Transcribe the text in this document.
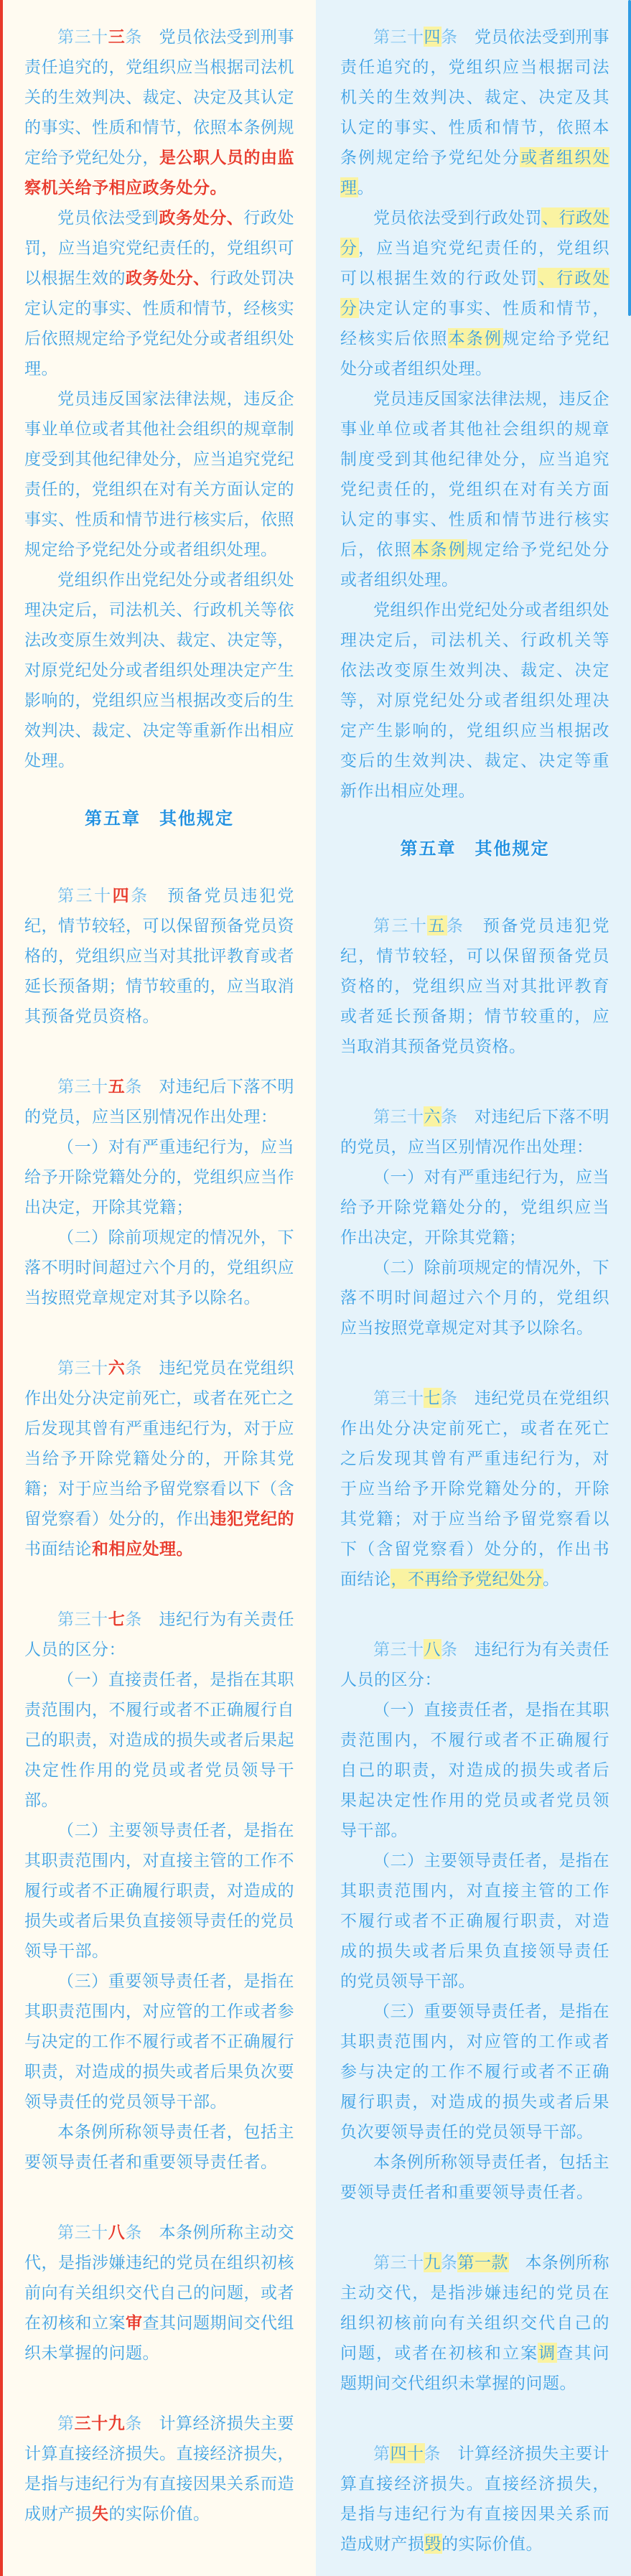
第三十三条　党员依法受到刑事责任追究的，党组织应当根据司法机关的生效判决、裁定、决定及其认定的事实、性质和情节，依照本条例规定给予党纪处分，是公职人员的由监察机关给予相应政务处分。

党员依法受到政务处分、行政处罚，应当追究党纪责任的，党组织可以根据生效的政务处分、行政处罚决定认定的事实、性质和情节，经核实后依照规定给予党纪处分或者组织处理。

党员违反国家法律法规，违反企事业单位或者其他社会组织的规章制度受到其他纪律处分，应当追究党纪责任的，党组织在对有关方面认定的事实、性质和情节进行核实后，依照规定给予党纪处分或者组织处理。

党组织作出党纪处分或者组织处理决定后，司法机关、行政机关等依法改变原生效判决、裁定、决定等，对原党纪处分或者组织处理决定产生影响的，党组织应当根据改变后的生效判决、裁定、决定等重新作出相应处理。

第五章　其他规定

第三十四条　预备党员违犯党纪，情节较轻，可以保留预备党员资格的，党组织应当对其批评教育或者延长预备期；情节较重的，应当取消其预备党员资格。

第三十五条　对违纪后下落不明的党员，应当区别情况作出处理：

（一）对有严重违纪行为，应当给予开除党籍处分的，党组织应当作出决定，开除其党籍；

（二）除前项规定的情况外，下落不明时间超过六个月的，党组织应当按照党章规定对其予以除名。

第三十六条　违纪党员在党组织作出处分决定前死亡，或者在死亡之后发现其曾有严重违纪行为，对于应当给予开除党籍处分的，开除其党籍；对于应当给予留党察看以下（含留党察看）处分的，作出违犯党纪的书面结论和相应处理。

第三十七条　违纪行为有关责任人员的区分：

（一）直接责任者，是指在其职责范围内，不履行或者不正确履行自己的职责，对造成的损失或者后果起决定性作用的党员或者党员领导干部。

（二）主要领导责任者，是指在其职责范围内，对直接主管的工作不履行或者不正确履行职责，对造成的损失或者后果负直接领导责任的党员领导干部。

（三）重要领导责任者，是指在其职责范围内，对应管的工作或者参与决定的工作不履行或者不正确履行职责，对造成的损失或者后果负次要领导责任的党员领导干部。

本条例所称领导责任者，包括主要领导责任者和重要领导责任者。

第三十八条　本条例所称主动交代，是指涉嫌违纪的党员在组织初核前向有关组织交代自己的问题，或者在初核和立案审查其问题期间交代组织未掌握的问题。

第三十九条　计算经济损失主要计算直接经济损失。直接经济损失，是指与违纪行为有直接因果关系而造成财产损失的实际价值。

第三十四条　党员依法受到刑事责任追究的，党组织应当根据司法机关的生效判决、裁定、决定及其认定的事实、性质和情节，依照本条例规定给予党纪处分或者组织处理。

党员依法受到行政处罚、行政处分，应当追究党纪责任的，党组织可以根据生效的行政处罚、行政处分决定认定的事实、性质和情节，经核实后依照本条例规定给予党纪处分或者组织处理。

党员违反国家法律法规，违反企事业单位或者其他社会组织的规章制度受到其他纪律处分，应当追究党纪责任的，党组织在对有关方面认定的事实、性质和情节进行核实后，依照本条例规定给予党纪处分或者组织处理。

党组织作出党纪处分或者组织处理决定后，司法机关、行政机关等依法改变原生效判决、裁定、决定等，对原党纪处分或者组织处理决定产生影响的，党组织应当根据改变后的生效判决、裁定、决定等重新作出相应处理。

第五章　其他规定

第三十五条　预备党员违犯党纪，情节较轻，可以保留预备党员资格的，党组织应当对其批评教育或者延长预备期；情节较重的，应当取消其预备党员资格。

第三十六条　对违纪后下落不明的党员，应当区别情况作出处理：

（一）对有严重违纪行为，应当给予开除党籍处分的，党组织应当作出决定，开除其党籍；

（二）除前项规定的情况外，下落不明时间超过六个月的，党组织应当按照党章规定对其予以除名。

第三十七条　违纪党员在党组织作出处分决定前死亡，或者在死亡之后发现其曾有严重违纪行为，对于应当给予开除党籍处分的，开除其党籍；对于应当给予留党察看以下（含留党察看）处分的，作出书面结论，不再给予党纪处分。

第三十八条　违纪行为有关责任人员的区分：

（一）直接责任者，是指在其职责范围内，不履行或者不正确履行自己的职责，对造成的损失或者后果起决定性作用的党员或者党员领导干部。

（二）主要领导责任者，是指在其职责范围内，对直接主管的工作不履行或者不正确履行职责，对造成的损失或者后果负直接领导责任的党员领导干部。

（三）重要领导责任者，是指在其职责范围内，对应管的工作或者参与决定的工作不履行或者不正确履行职责，对造成的损失或者后果负次要领导责任的党员领导干部。

本条例所称领导责任者，包括主要领导责任者和重要领导责任者。

第三十九条第一款　本条例所称主动交代，是指涉嫌违纪的党员在组织初核前向有关组织交代自己的问题，或者在初核和立案调查其问题期间交代组织未掌握的问题。

第四十条　计算经济损失主要计算直接经济损失。直接经济损失，是指与违纪行为有直接因果关系而造成财产损毁的实际价值。
